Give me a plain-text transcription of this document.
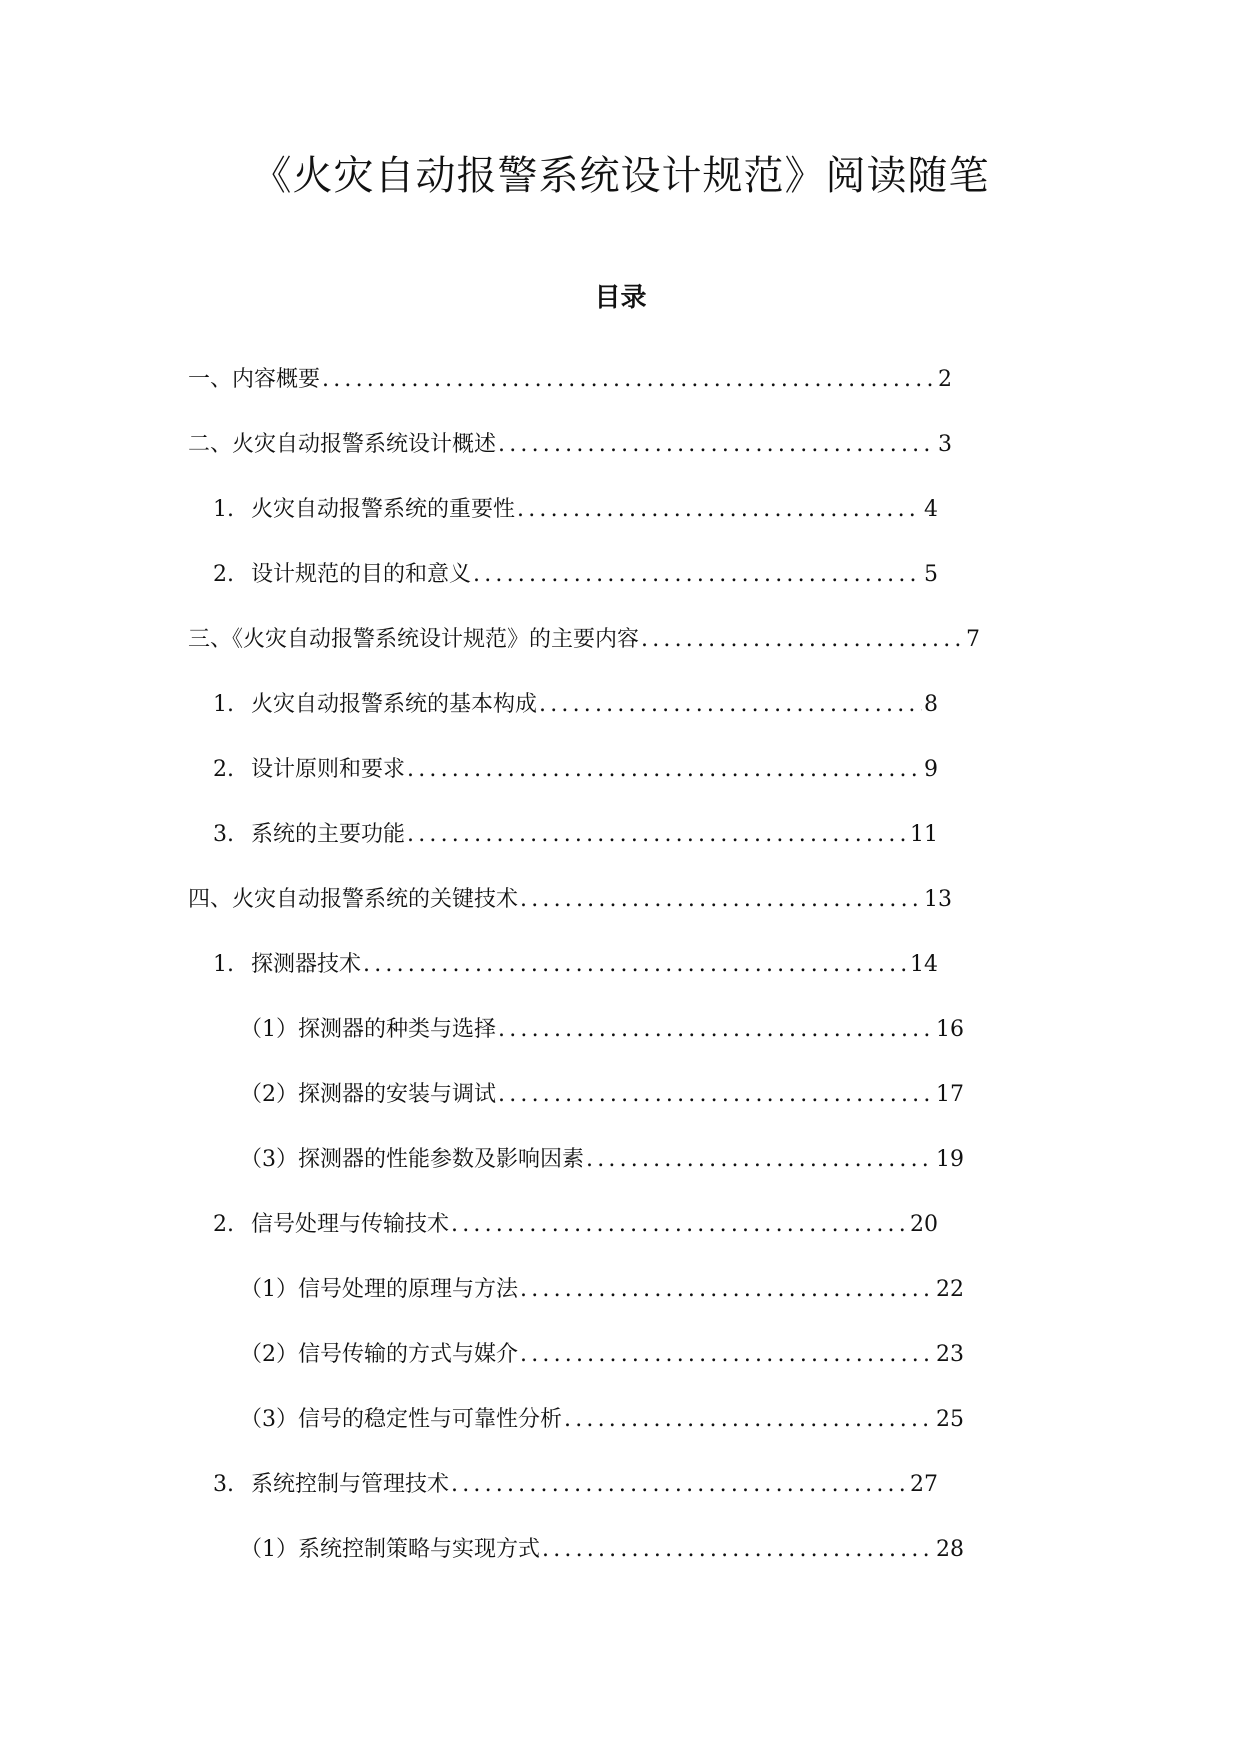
《火灾自动报警系统设计规范》阅读随笔
目录
一、内容概要 .....	2
二、火灾自动报警系统设计概述 .....	3
1. 火灾自动报警系统的重要性 .....	4
2. 设计规范的目的和意义 .....	5
三、《火灾自动报警系统设计规范》的主要内容 .....	7
1. 火灾自动报警系统的基本构成 .....	8
2. 设计原则和要求 .....	9
3. 系统的主要功能 .....	11
四、火灾自动报警系统的关键技术 .....	13
1. 探测器技术 .....	14
（1）探测器的种类与选择 .....	16
（2）探测器的安装与调试 .....	17
（3）探测器的性能参数及影响因素 .....	19
2. 信号处理与传输技术 .....	20
（1）信号处理的原理与方法 .....	22
（2）信号传输的方式与媒介 .....	23
（3）信号的稳定性与可靠性分析 .....	25
3. 系统控制与管理技术 .....	27
（1）系统控制策略与实现方式 .....	28
